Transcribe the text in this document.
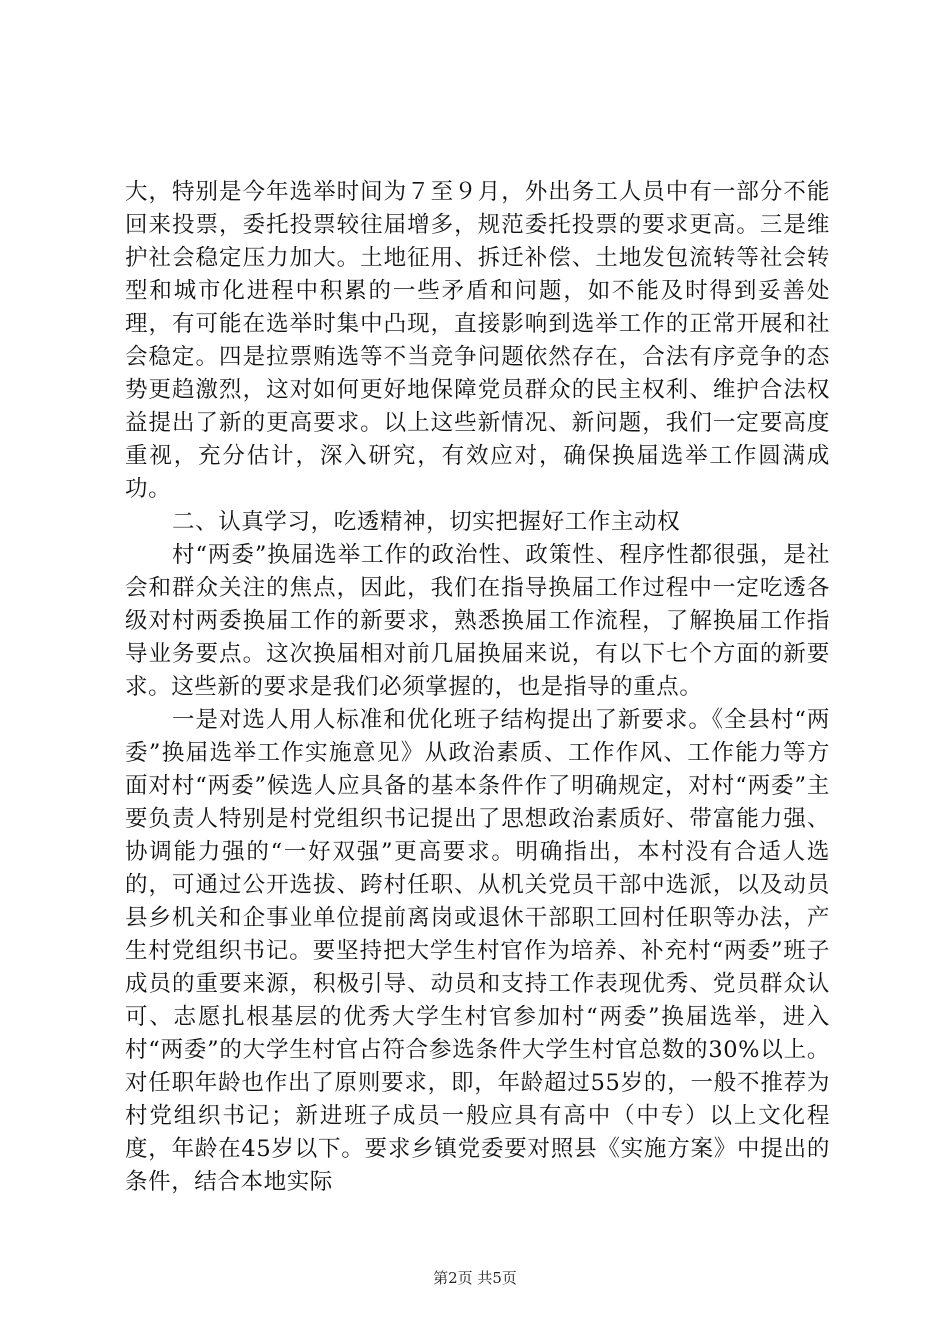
大，特别是今年选举时间为７至９月，外出务工人员中有一部分不能回来投票，委托投票较往届增多，规范委托投票的要求更高。三是维护社会稳定压力加大。土地征用、拆迁补偿、土地发包流转等社会转型和城市化进程中积累的一些矛盾和问题，如不能及时得到妥善处理，有可能在选举时集中凸现，直接影响到选举工作的正常开展和社会稳定。四是拉票贿选等不当竞争问题依然存在，合法有序竞争的态势更趋激烈，这对如何更好地保障党员群众的民主权利、维护合法权益提出了新的更高要求。以上这些新情况、新问题，我们一定要高度重视，充分估计，深入研究，有效应对，确保换届选举工作圆满成功。

二、认真学习，吃透精神，切实把握好工作主动权

村“两委”换届选举工作的政治性、政策性、程序性都很强，是社会和群众关注的焦点，因此，我们在指导换届工作过程中一定吃透各级对村两委换届工作的新要求，熟悉换届工作流程，了解换届工作指导业务要点。这次换届相对前几届换届来说，有以下七个方面的新要求。这些新的要求是我们必须掌握的，也是指导的重点。

一是对选人用人标准和优化班子结构提出了新要求。《全县村“两委”换届选举工作实施意见》从政治素质、工作作风、工作能力等方面对村“两委”候选人应具备的基本条件作了明确规定，对村“两委”主要负责人特别是村党组织书记提出了思想政治素质好、带富能力强、协调能力强的“一好双强”更高要求。明确指出，本村没有合适人选的，可通过公开选拔、跨村任职、从机关党员干部中选派，以及动员县乡机关和企事业单位提前离岗或退休干部职工回村任职等办法，产生村党组织书记。要坚持把大学生村官作为培养、补充村“两委”班子成员的重要来源，积极引导、动员和支持工作表现优秀、党员群众认可、志愿扎根基层的优秀大学生村官参加村“两委”换届选举，进入村“两委”的大学生村官占符合参选条件大学生村官总数的30%以上。对任职年龄也作出了原则要求，即，年龄超过55岁的，一般不推荐为村党组织书记；新进班子成员一般应具有高中（中专）以上文化程度，年龄在45岁以下。要求乡镇党委要对照县《实施方案》中提出的条件，结合本地实际

第2页 共5页
